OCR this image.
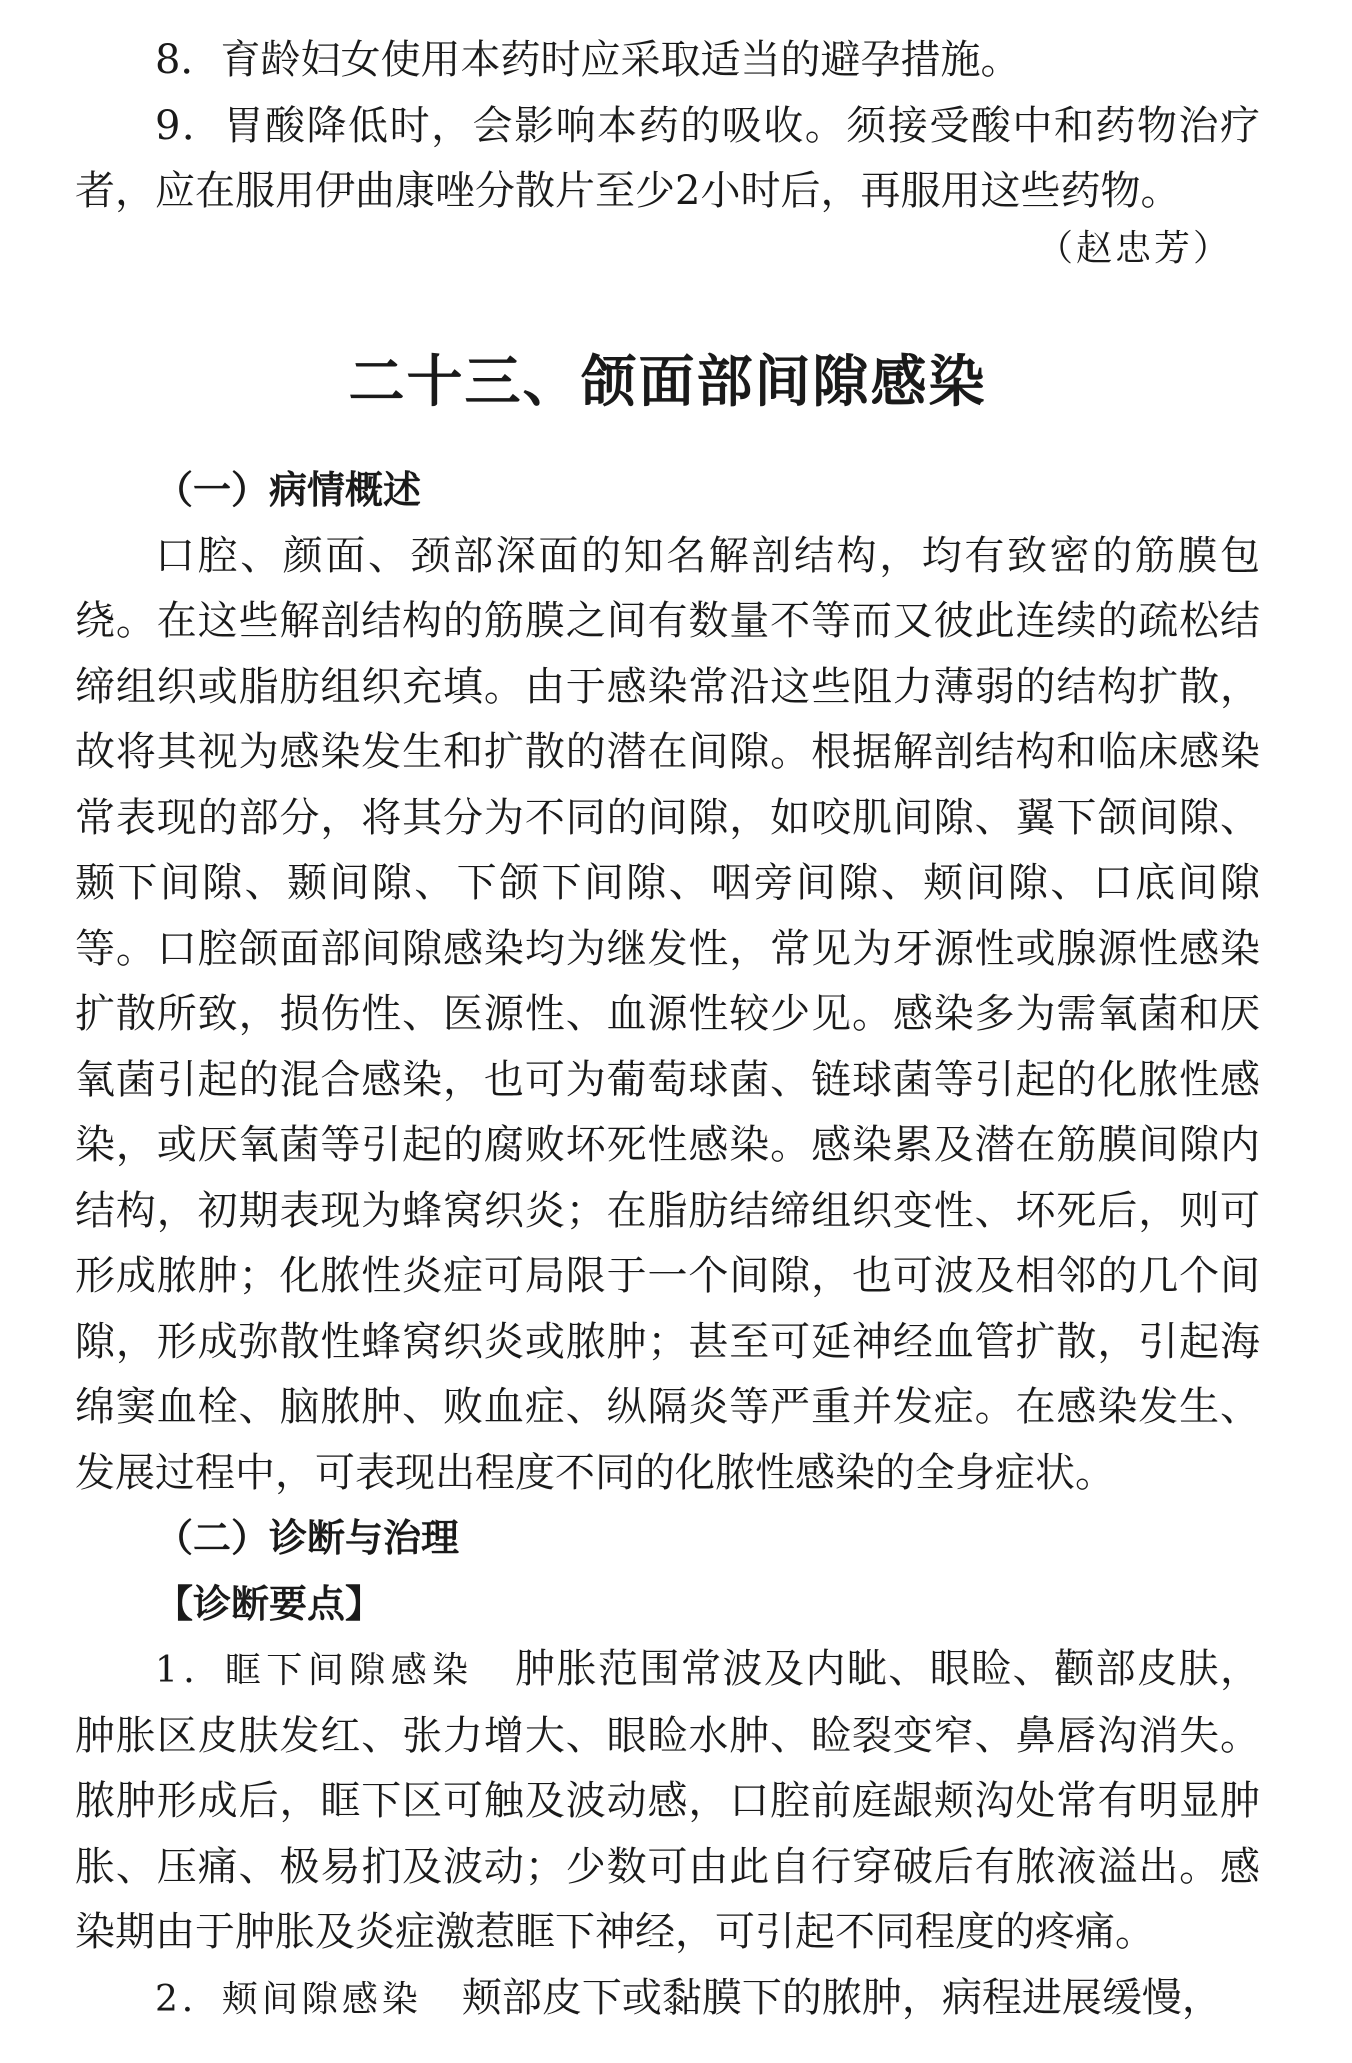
8．育龄妇女使用本药时应采取适当的避孕措施。

9．胃酸降低时，会影响本药的吸收。须接受酸中和药物治疗者，应在服用伊曲康唑分散片至少2小时后，再服用这些药物。

（赵忠芳）
二十三、颌面部间隙感染
（一）病情概述

口腔、颜面、颈部深面的知名解剖结构，均有致密的筋膜包绕。在这些解剖结构的筋膜之间有数量不等而又彼此连续的疏松结缔组织或脂肪组织充填。由于感染常沿这些阻力薄弱的结构扩散，故将其视为感染发生和扩散的潜在间隙。根据解剖结构和临床感染常表现的部分，将其分为不同的间隙，如咬肌间隙、翼下颌间隙、颞下间隙、颞间隙、下颌下间隙、咽旁间隙、颊间隙、口底间隙等。口腔颌面部间隙感染均为继发性，常见为牙源性或腺源性感染扩散所致，损伤性、医源性、血源性较少见。感染多为需氧菌和厌氧菌引起的混合感染，也可为葡萄球菌、链球菌等引起的化脓性感染，或厌氧菌等引起的腐败坏死性感染。感染累及潜在筋膜间隙内结构，初期表现为蜂窝织炎；在脂肪结缔组织变性、坏死后，则可形成脓肿；化脓性炎症可局限于一个间隙，也可波及相邻的几个间隙，形成弥散性蜂窝织炎或脓肿；甚至可延神经血管扩散，引起海绵窦血栓、脑脓肿、败血症、纵隔炎等严重并发症。在感染发生、发展过程中，可表现出程度不同的化脓性感染的全身症状。

（二）诊断与治理
【诊断要点】

1．眶下间隙感染　肿胀范围常波及内眦、眼睑、颧部皮肤，肿胀区皮肤发红、张力增大、眼睑水肿、睑裂变窄、鼻唇沟消失。脓肿形成后，眶下区可触及波动感，口腔前庭龈颊沟处常有明显肿胀、压痛、极易扪及波动；少数可由此自行穿破后有脓液溢出。感染期由于肿胀及炎症激惹眶下神经，可引起不同程度的疼痛。

2．颊间隙感染　颊部皮下或黏膜下的脓肿，病程进展缓慢，
